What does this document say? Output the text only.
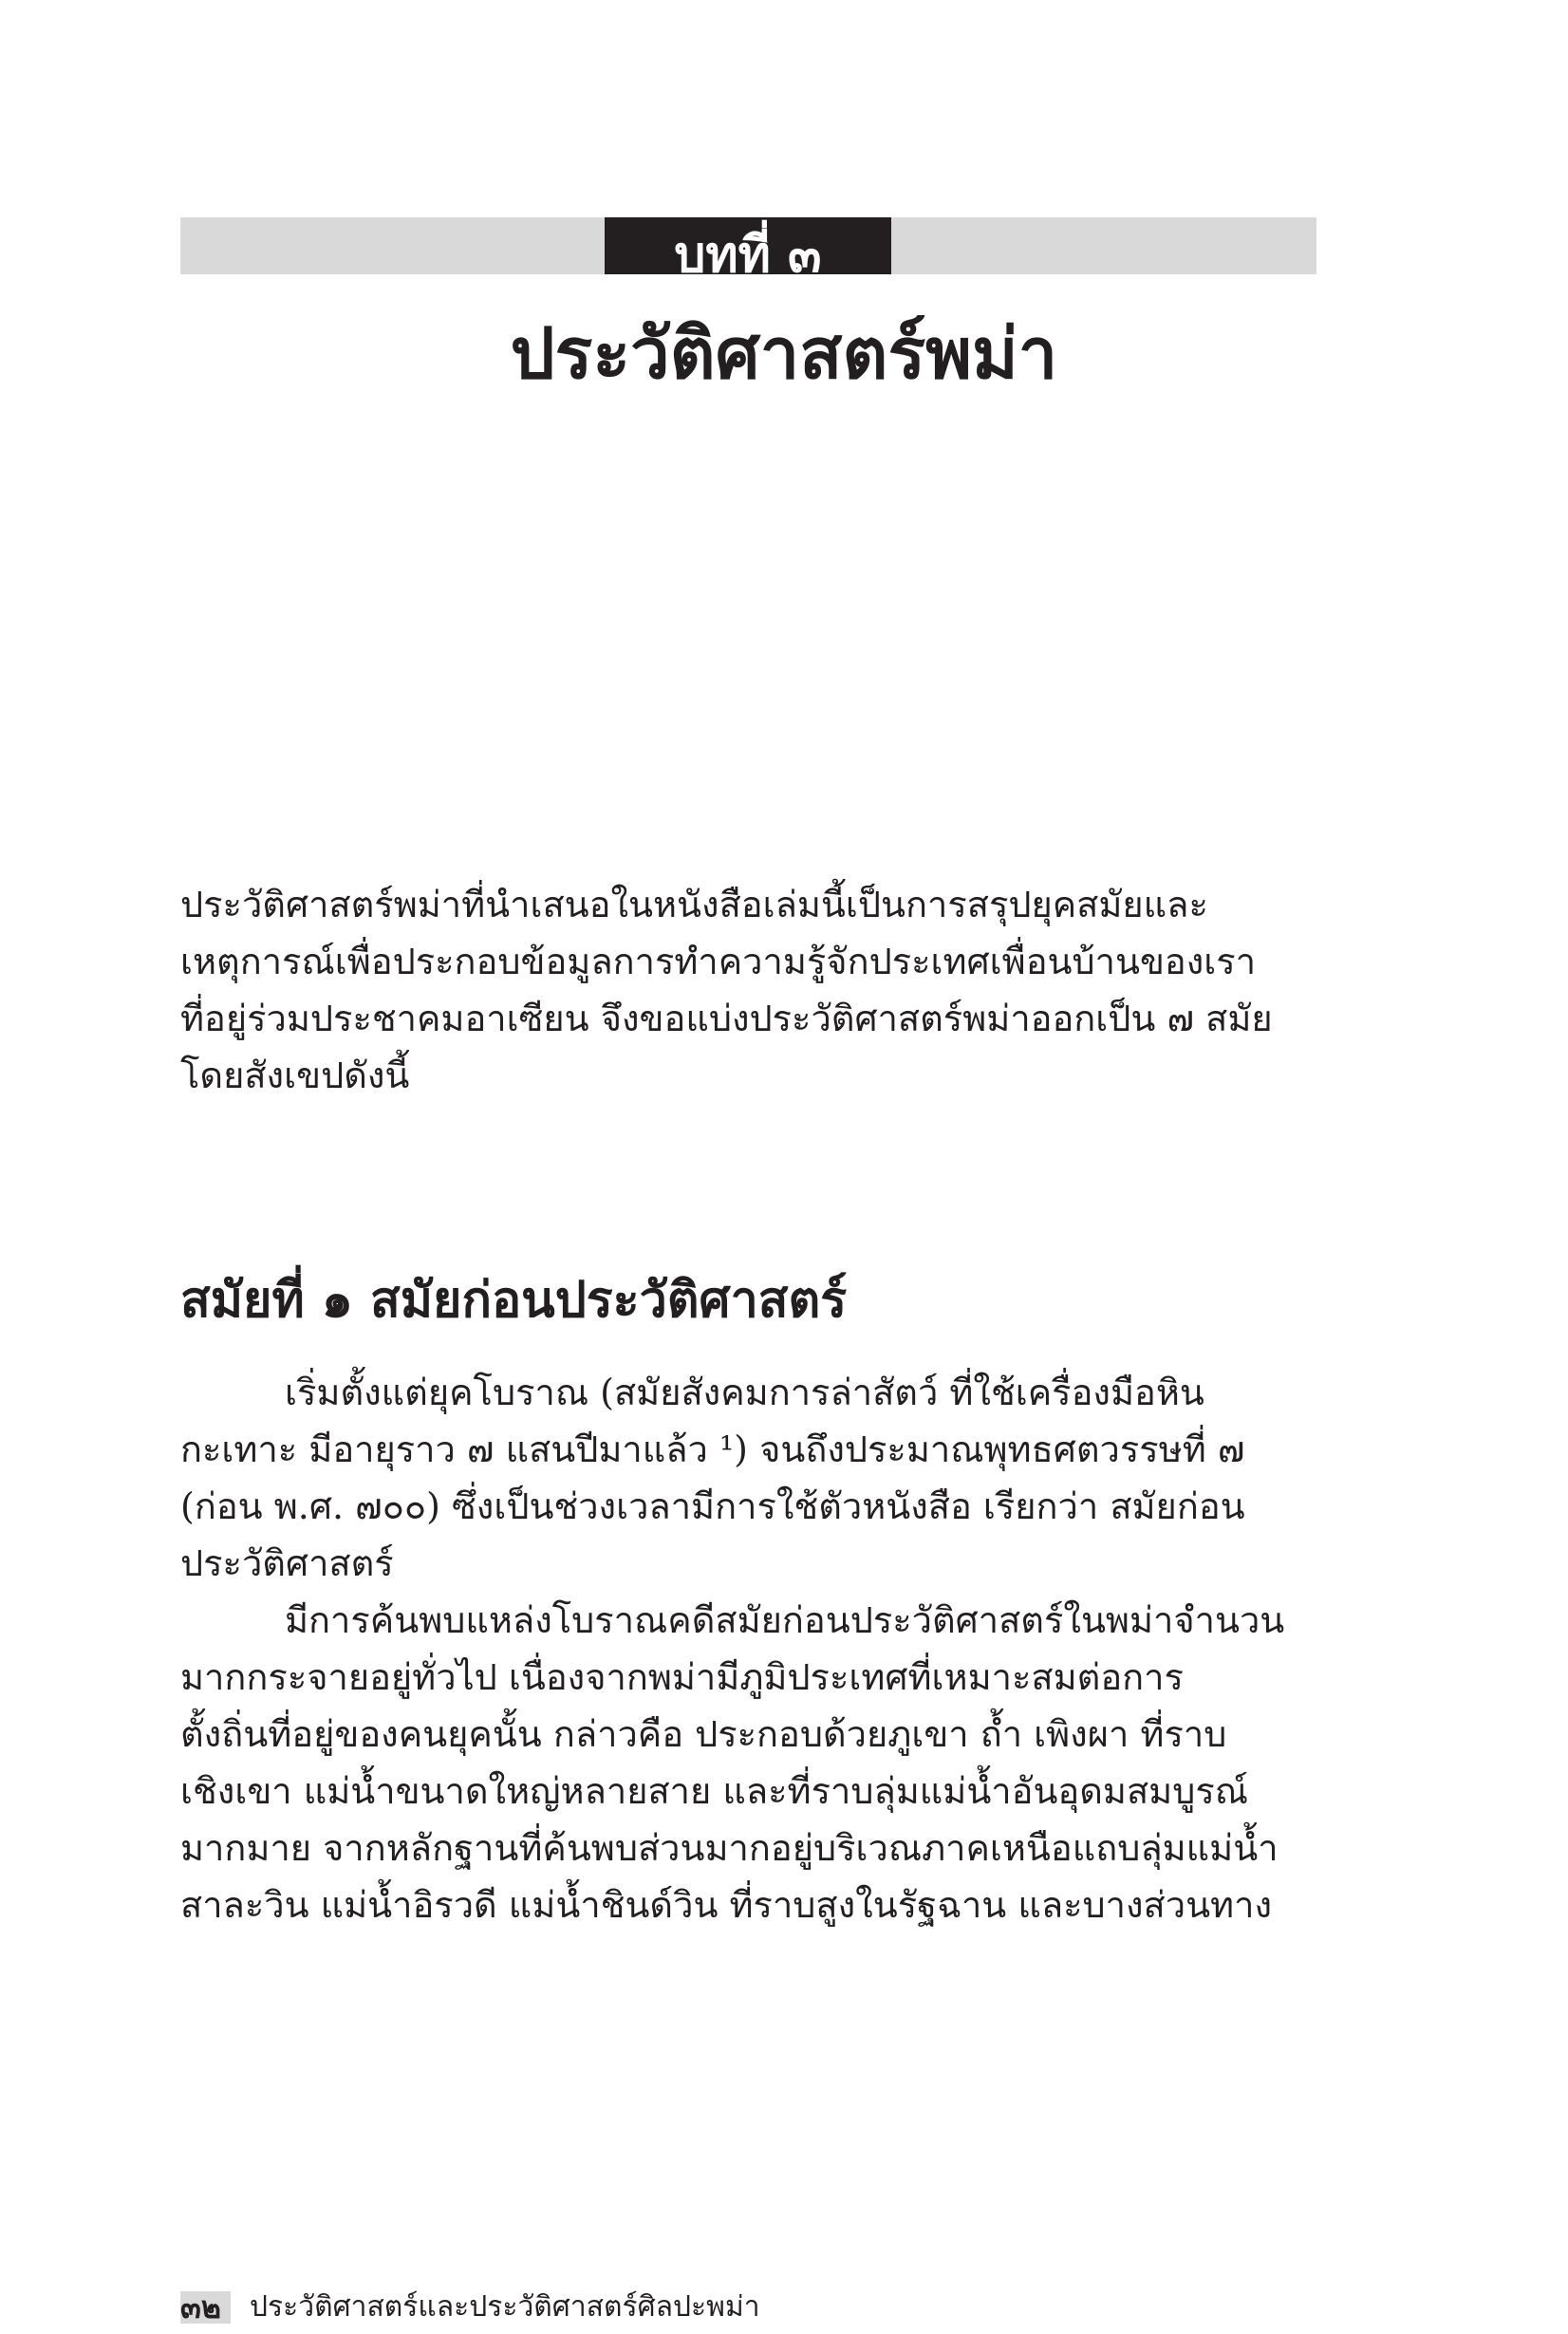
บทที่ ๓
ประวัติศาสตร์พม่า
ประวัติศาสตร์พม่าที่นำเสนอในหนังสือเล่มนี้เป็นการสรุปยุคสมัยและ
เหตุการณ์เพื่อประกอบข้อมูลการทำความรู้จักประเทศเพื่อนบ้านของเรา
ที่อยู่ร่วมประชาคมอาเซียน จึงขอแบ่งประวัติศาสตร์พม่าออกเป็น ๗ สมัย
โดยสังเขปดังนี้
สมัยที่ ๑ สมัยก่อนประวัติศาสตร์
เริ่มตั้งแต่ยุคโบราณ (สมัยสังคมการล่าสัตว์ ที่ใช้เครื่องมือหิน
กะเทาะ มีอายุราว ๗ แสนปีมาแล้ว ¹) จนถึงประมาณพุทธศตวรรษที่ ๗
(ก่อน พ.ศ. ๗๐๐) ซึ่งเป็นช่วงเวลามีการใช้ตัวหนังสือ เรียกว่า สมัยก่อน
ประวัติศาสตร์
มีการค้นพบแหล่งโบราณคดีสมัยก่อนประวัติศาสตร์ในพม่าจำนวน
มากกระจายอยู่ทั่วไป เนื่องจากพม่ามีภูมิประเทศที่เหมาะสมต่อการ
ตั้งถิ่นที่อยู่ของคนยุคนั้น กล่าวคือ ประกอบด้วยภูเขา ถ้ำ เพิงผา ที่ราบ
เชิงเขา แม่น้ำขนาดใหญ่หลายสาย และที่ราบลุ่มแม่น้ำอันอุดมสมบูรณ์
มากมาย จากหลักฐานที่ค้นพบส่วนมากอยู่บริเวณภาคเหนือแถบลุ่มแม่น้ำ
สาละวิน แม่น้ำอิรวดี แม่น้ำชินด์วิน ที่ราบสูงในรัฐฉาน และบางส่วนทาง
๓๒	ประวัติศาสตร์และประวัติศาสตร์ศิลปะพม่า
